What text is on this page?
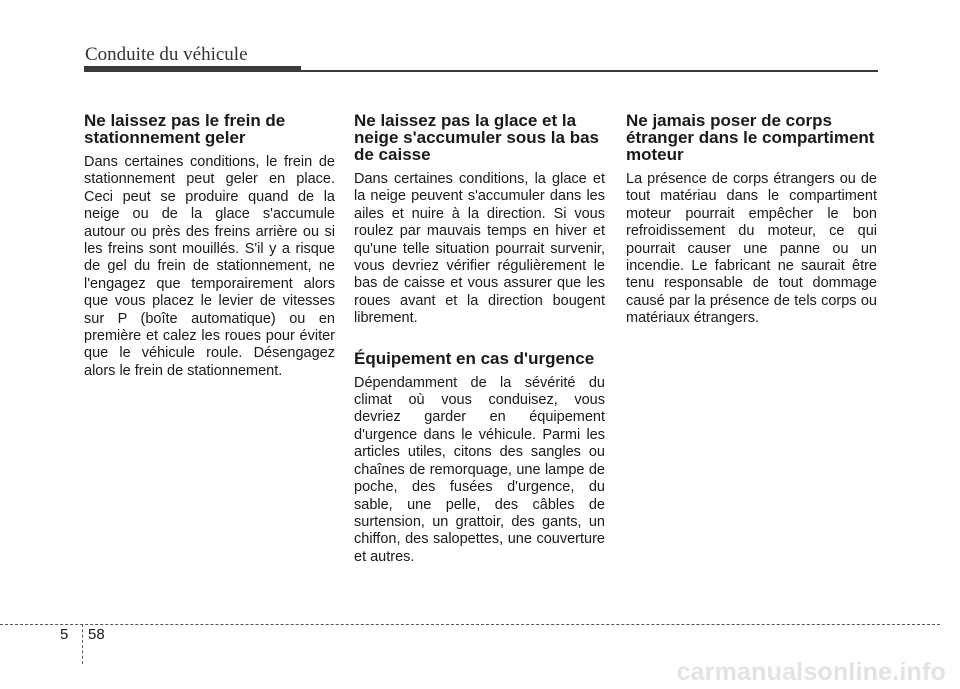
Conduite du véhicule
Ne laissez pas le frein de stationnement geler

Dans certaines conditions, le frein de stationnement peut geler en place. Ceci peut se produire quand de la neige ou de la glace s'accumule autour ou près des freins arrière ou si les freins sont mouillés. S'il y a risque de gel du frein de stationnement, ne l'engagez que temporairement alors que vous placez le levier de vitesses sur P (boîte automatique) ou en première et calez les roues pour éviter que le véhicule roule. Désengagez alors le frein de stationnement.

Ne laissez pas la glace et la neige s'accumuler sous la bas de caisse

Dans certaines conditions, la glace et la neige peuvent s'accumuler dans les ailes et nuire à la direction. Si vous roulez par mauvais temps en hiver et qu'une telle situation pourrait survenir, vous devriez vérifier régulièrement le bas de caisse et vous assurer que les roues avant et la direction bougent librement.

Équipement en cas d'urgence

Dépendamment de la sévérité du climat où vous conduisez, vous devriez garder en équipement d'urgence dans le véhicule. Parmi les articles utiles, citons des sangles ou chaînes de remorquage, une lampe de poche, des fusées d'urgence, du sable, une pelle, des câbles de surtension, un grattoir, des gants, un chiffon, des salopettes, une couverture et autres.

Ne jamais poser de corps étranger dans le compartiment moteur

La présence de corps étrangers ou de tout matériau dans le compartiment moteur pourrait empêcher le bon refroidissement du moteur, ce qui pourrait causer une panne ou un incendie. Le fabricant ne saurait être tenu responsable de tout dommage causé par la présence de tels corps ou matériaux étrangers.

5 58
carmanualsonline.info
